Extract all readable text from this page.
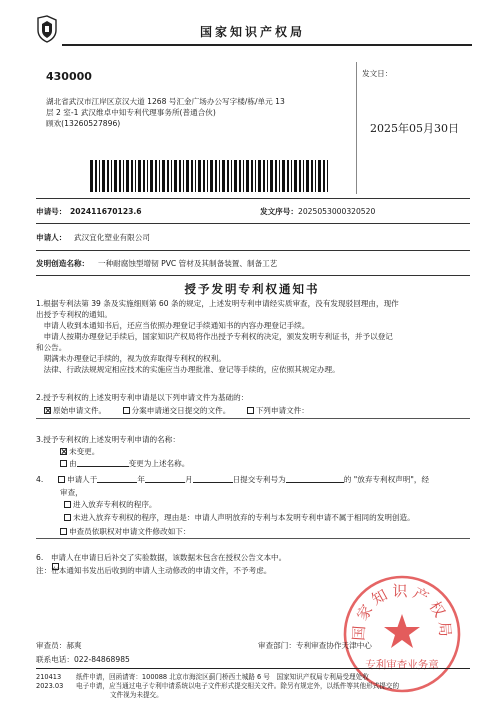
国家知识产权局
430000
湖北省武汉市江岸区京汉大道 1268 号汇金广场办公写字楼/栋/单元 13
层 2 室-1 武汉维卓中知专利代理事务所(普通合伙)
顾欢(13260527896)
发文日：
2025年05月30日
申请号： 202411670123.6	发文序号： 2025053000320520
申请人： 武汉宜化塑业有限公司
发明创造名称： 一种耐腐蚀型增韧 PVC 管材及其制备装置、制备工艺
授予发明专利权通知书
1.根据专利法第 39 条及实施细则第 60 条的规定，上述发明专利申请经实质审查，没有发现驳回理由，现作
出授予专利权的通知。
　申请人收到本通知书后，还应当依照办理登记手续通知书的内容办理登记手续。
　申请人按期办理登记手续后，国家知识产权局将作出授予专利权的决定，颁发发明专利证书，并予以登记
和公告。
　期满未办理登记手续的，视为放弃取得专利权的权利。
　法律、行政法规规定相应技术的实施应当办理批准、登记等手续的，应依照其规定办理。
2.授予专利权的上述发明专利申请是以下列申请文件为基础的：
原始申请文件。	分案申请递交日提交的文件。	下列申请文件：
3.授予专利权的上述发明专利申请的名称：
未变更。
由	变更为上述名称。
4.	申请人于	年	月	日提交专利号为	的 "放弃专利权声明"，经
审查，
进入放弃专利权的程序。
未进入放弃专利权的程序，理由是：申请人声明放弃的专利与本发明专利申请不属于相同的发明创造。
申查员依职权对申请文件修改如下：
6.　申请人在申请日后补交了实验数据，该数据未包含在授权公告文本中。
注：在本通知书发出后收到的申请人主动修改的申请文件，不予考虑。
国家知识产权局
专利审查业务章
审查员：郝爽
联系电话：022-84868985
审查部门：专利审查协作天津中心
210413
2023.03
纸件申请，回函请寄：100088 北京市海淀区蓟门桥西土城路 6 号　国家知识产权局专利局受理处收
电子申请，应当通过电子专利申请系统以电子文件形式提交相关文件。除另有规定外，以纸件等其他形式提交的
文件视为未提交。
